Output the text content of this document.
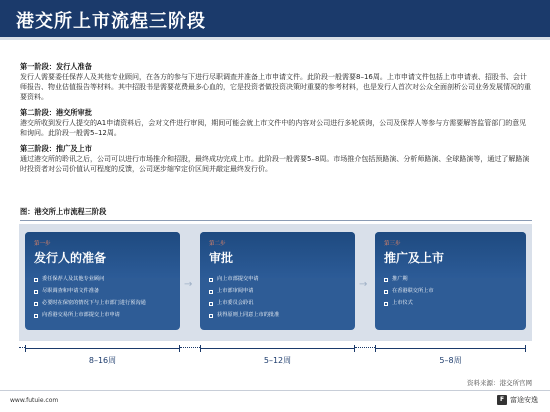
港交所上市流程三阶段
第一阶段：发行人准备

发行人需要委任保荐人及其他专业顾问，在各方的参与下进行尽职调查并准备上市申请文件。此阶段一般需要8–16周。上市申请文件包括上市申请表、招股书、会计师报告、物业估值报告等材料。其中招股书是需要花费最多心血的，它是投资者做投资决策时重要的参考材料，也是发行人首次对公众全面剖析公司业务发展情况的重要资料。

第二阶段：港交所审批

港交所收到发行人提交的A1申请资料后，会对文件进行审阅，期间可能会就上市文件中的内容对公司进行多轮质询，公司及保荐人等参与方需要解答监管部门的意见和询问。此阶段一般需5–12周。

第三阶段：推广及上市

通过港交所的聆讯之后，公司可以进行市场推介和招股，最终成功完成上市。此阶段一般需要5–8周。市场推介包括预路演、分析师路演、全球路演等，通过了解路演时投资者对公司价值认可程度的反馈，公司逐步缩窄定价区间并敲定最终发行价。

图：港交所上市流程三阶段
第一步
发行人的准备
委任保荐人及其他专业顾问
尽职调查和申请文件准备
必要时在保密的情况下与上市部门进行预沟通
向香港交易所上市部提交上市申请
→
第二步
审批
向上市部提交申请
上市部审阅申请
上市委员会聆讯
获得原则上同意上市的批准
→
第三步
推广及上市
推广期
在香港联交所上市
上市仪式
8–16周	5–12周	5–8周
资料来源：港交所官网
www.futuie.com	F 富途安逸
